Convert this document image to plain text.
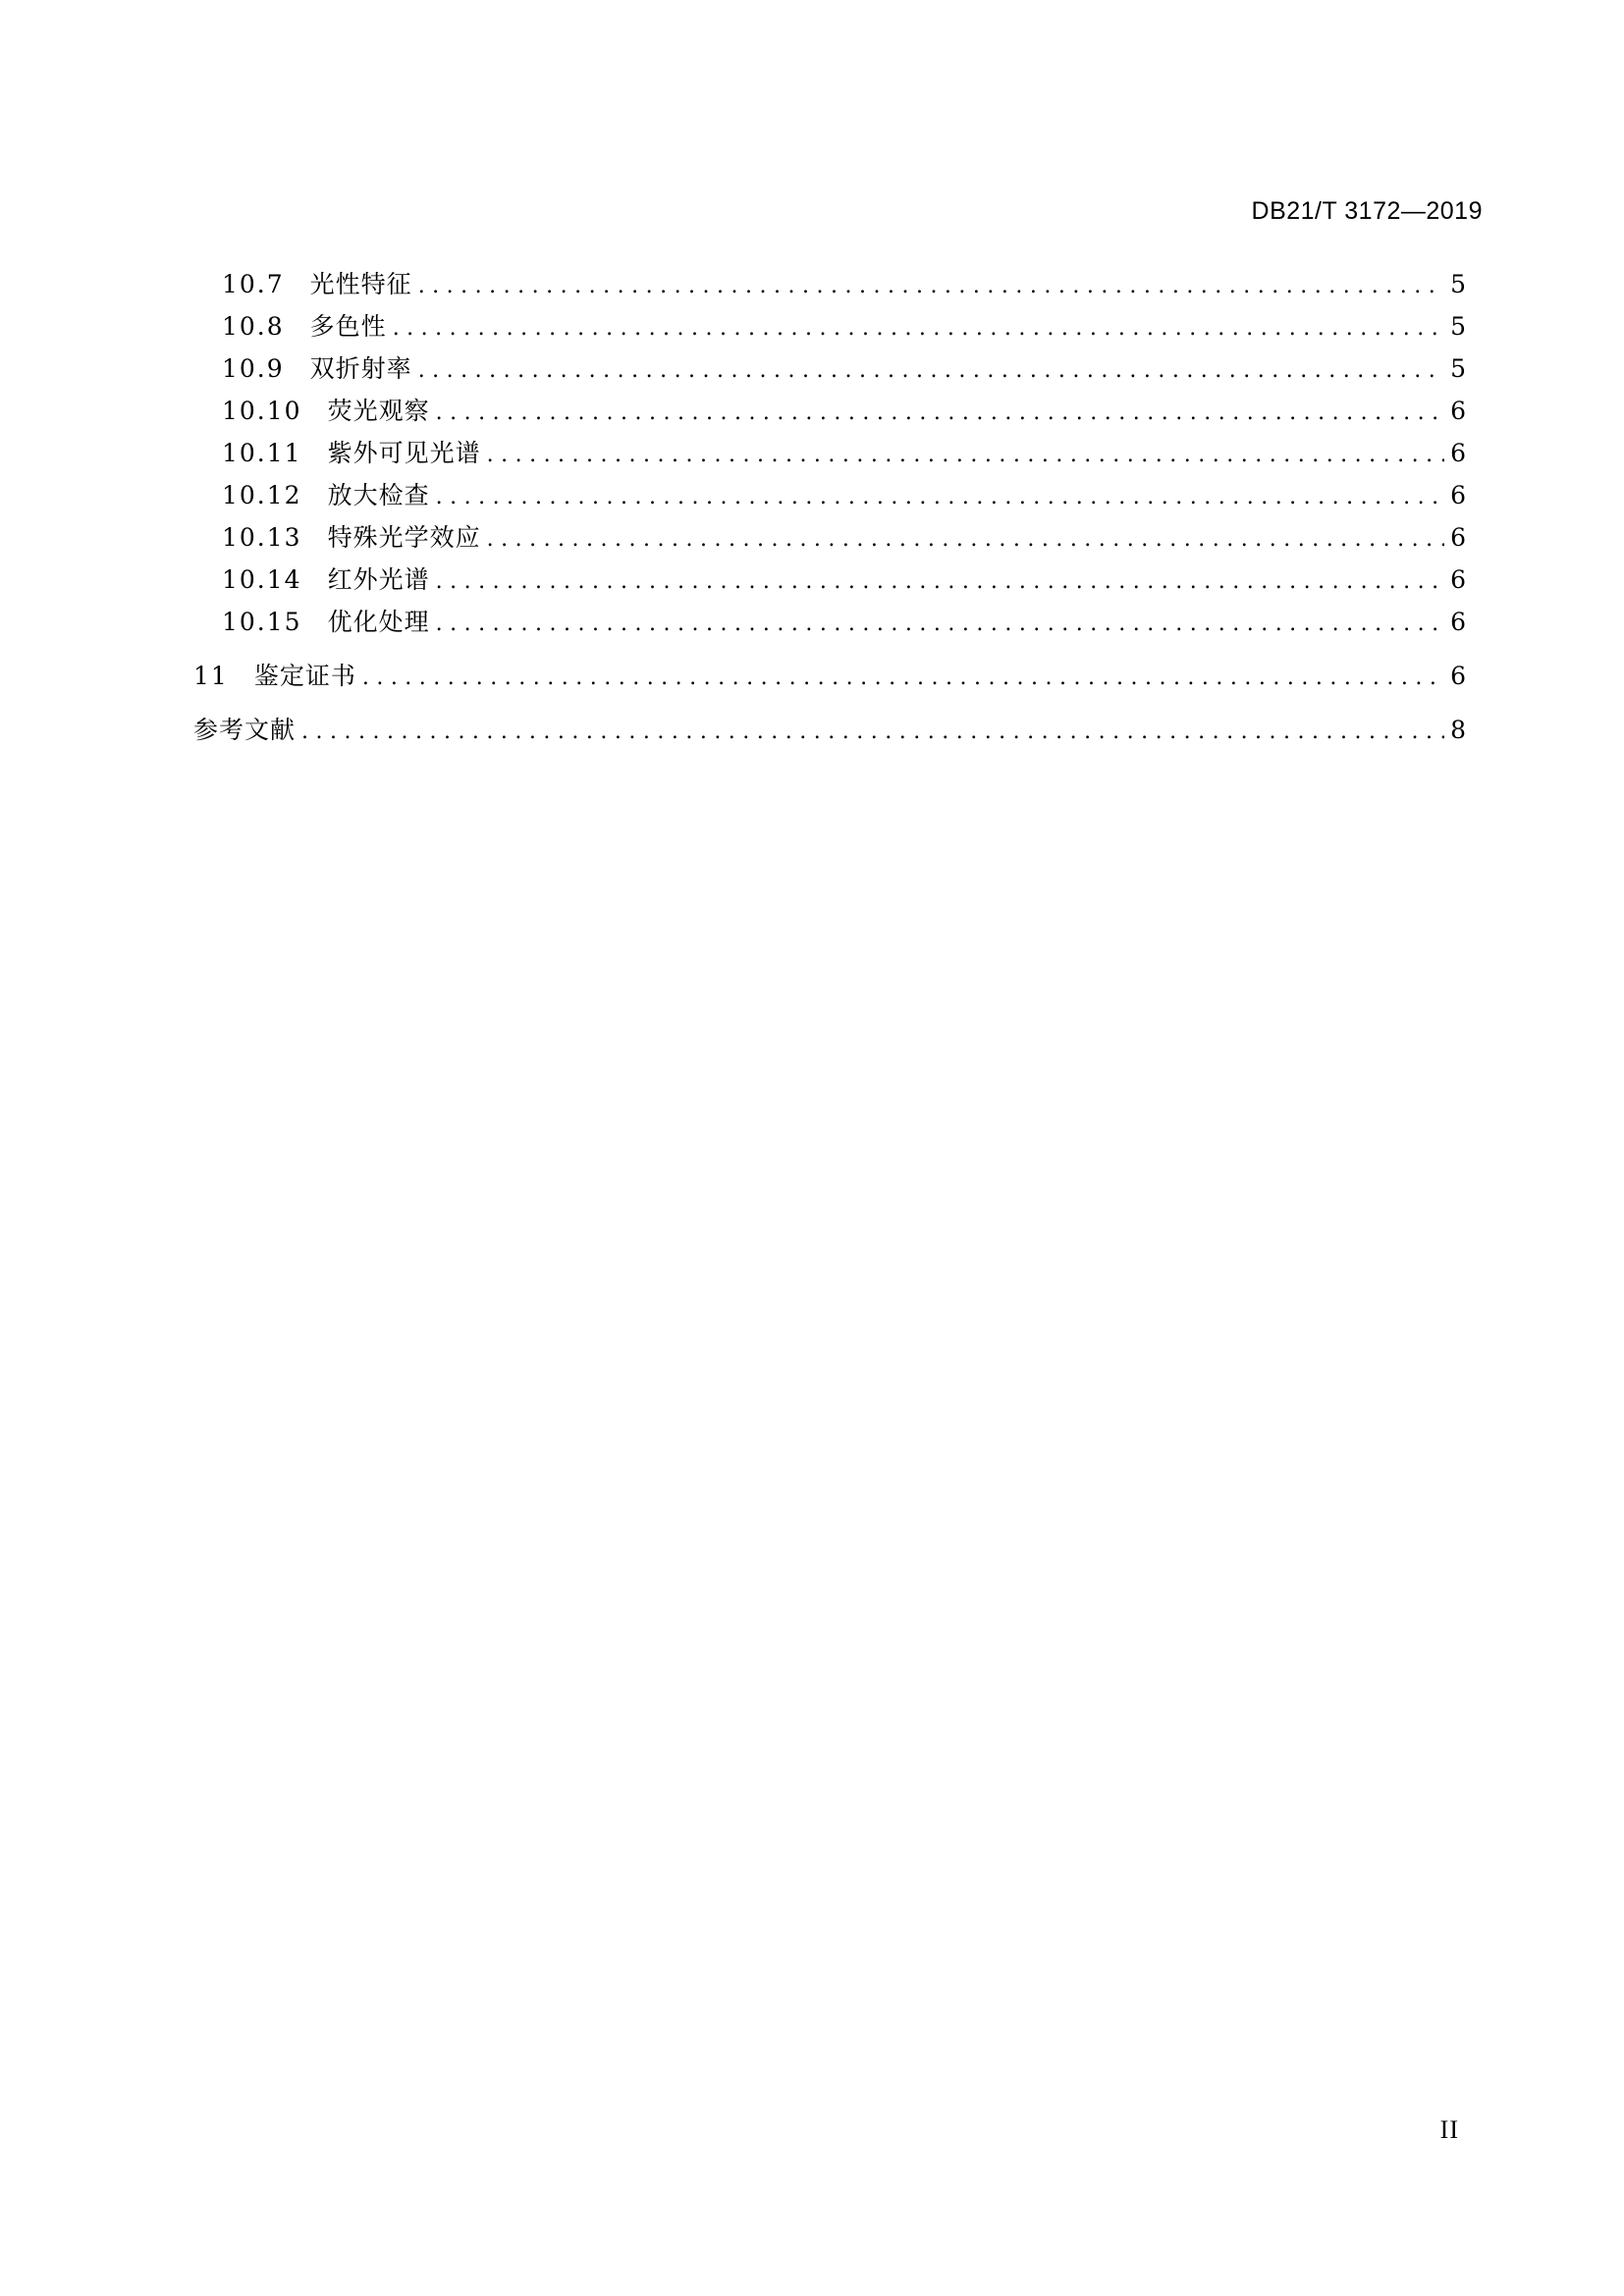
DB21/T 3172—2019
10.7 光性特征 .....	5
10.8 多色性 .....	5
10.9 双折射率 .....	5
10.10 荧光观察 .....	6
10.11 紫外可见光谱 .....	6
10.12 放大检查 .....	6
10.13 特殊光学效应 .....	6
10.14 红外光谱 .....	6
10.15 优化处理 .....	6
11 鉴定证书 .....	6
参考文献 .....	8
II
